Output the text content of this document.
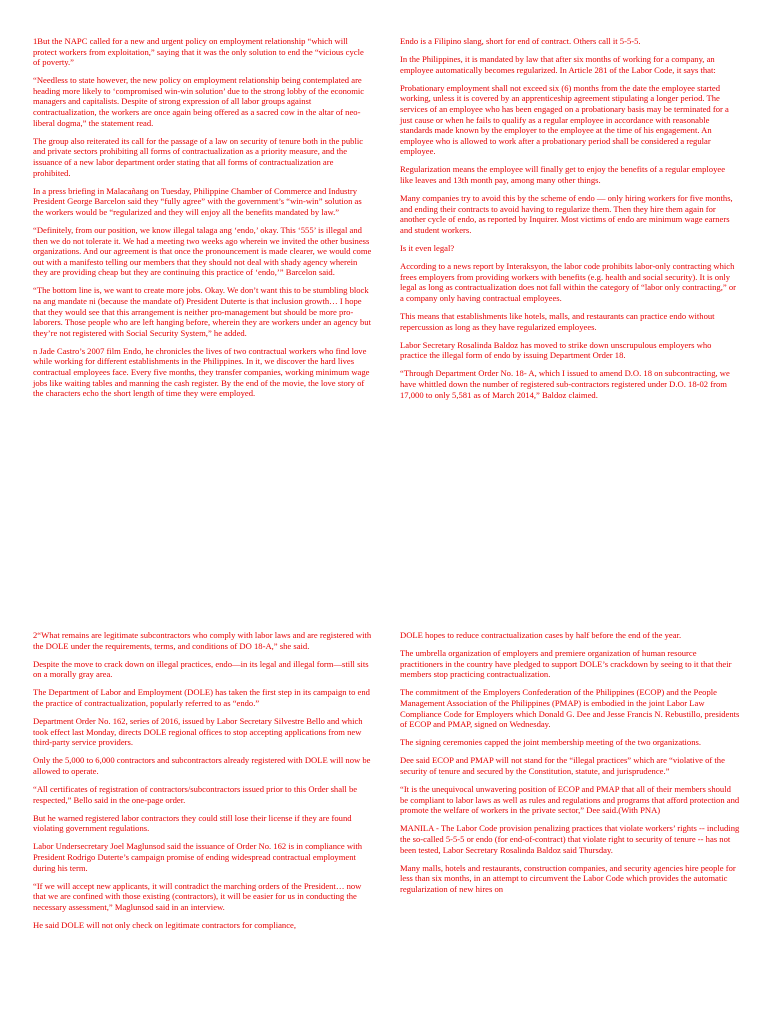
1But the NAPC called for a new and urgent policy on employment relationship “which will protect workers from exploitation,” saying that it was the only solution to end the “vicious cycle of poverty.”

“Needless to state however, the new policy on employment relationship being contemplated are heading more likely to ‘compromised win-win solution’ due to the strong lobby of the economic managers and capitalists. Despite of strong expression of all labor groups against contractualization, the workers are once again being offered as a sacred cow in the altar of neo-liberal dogma,” the statement read.

The group also reiterated its call for the passage of a law on security of tenure both in the public and private sectors prohibiting all forms of contractualization as a priority measure, and the issuance of a new labor department order stating that all forms of contractualization are prohibited.

In a press briefing in Malacañang on Tuesday, Philippine Chamber of Commerce and Industry President George Barcelon said they “fully agree” with the government’s “win-win” solution as the workers would be “regularized and they will enjoy all the benefits mandated by law.”

“Definitely, from our position, we know illegal talaga ang ‘endo,’ okay. This ‘555’ is illegal and then we do not tolerate it. We had a meeting two weeks ago wherein we invited the other business organizations. And our agreement is that once the pronouncement is made clearer, we would come out with a manifesto telling our members that they should not deal with shady agency wherein they are providing cheap but they are continuing this practice of ‘endo,’” Barcelon said.

“The bottom line is, we want to create more jobs. Okay. We don’t want this to be stumbling block na ang mandate ni (because the mandate of) President Duterte is that inclusion growth… I hope that they would see that this arrangement is neither pro-management but should be more pro-laborers. Those people who are left hanging before, wherein they are workers under an agency but they’re not registered with Social Security System,” he added.

n Jade Castro’s 2007 film Endo, he chronicles the lives of two contractual workers who find love while working for different establishments in the Philippines. In it, we discover the hard lives contractual employees face. Every five months, they transfer companies, working minimum wage jobs like waiting tables and manning the cash register. By the end of the movie, the love story of the characters echo the short length of time they were employed.

Endo is a Filipino slang, short for end of contract. Others call it 5-5-5.

In the Philippines, it is mandated by law that after six months of working for a company, an employee automatically becomes regularized. In Article 281 of the Labor Code, it says that:

Probationary employment shall not exceed six (6) months from the date the employee started working, unless it is covered by an apprenticeship agreement stipulating a longer period. The services of an employee who has been engaged on a probationary basis may be terminated for a just cause or when he fails to qualify as a regular employee in accordance with reasonable standards made known by the employer to the employee at the time of his engagement. An employee who is allowed to work after a probationary period shall be considered a regular employee.

Regularization means the employee will finally get to enjoy the benefits of a regular employee like leaves and 13th month pay, among many other things.

Many companies try to avoid this by the scheme of endo — only hiring workers for five months, and ending their contracts to avoid having to regularize them. Then they hire them again for another cycle of endo, as reported by Inquirer. Most victims of endo are minimum wage earners and student workers.

Is it even legal?

According to a news report by Interaksyon, the labor code prohibits labor-only contracting which frees employers from providing workers with benefits (e.g. health and social security). It is only legal as long as contractualization does not fall within the category of “labor only contracting,” or a company only having contractual employees.

This means that establishments like hotels, malls, and restaurants can practice endo without repercussion as long as they have regularized employees.

Labor Secretary Rosalinda Baldoz has moved to strike down unscrupulous employers who practice the illegal form of endo by issuing Department Order 18.

“Through Department Order No. 18- A, which I issued to amend D.O. 18 on subcontracting, we have whittled down the number of registered sub-contractors registered under D.O. 18-02 from 17,000 to only 5,581 as of March 2014,” Baldoz claimed.

2“What remains are legitimate subcontractors who comply with labor laws and are registered with the DOLE under the requirements, terms, and conditions of DO 18-A,” she said.

Despite the move to crack down on illegal practices, endo—in its legal and illegal form—still sits on a morally gray area.

The Department of Labor and Employment (DOLE) has taken the first step in its campaign to end the practice of contractualization, popularly referred to as “endo.”

Department Order No. 162, series of 2016, issued by Labor Secretary Silvestre Bello and which took effect last Monday, directs DOLE regional offices to stop accepting applications from new third-party service providers.

Only the 5,000 to 6,000 contractors and subcontractors already registered with DOLE will now be allowed to operate.

“All certificates of registration of contractors/subcontractors issued prior to this Order shall be respected,” Bello said in the one-page order.

But he warned registered labor contractors they could still lose their license if they are found violating government regulations.

Labor Undersecretary Joel Maglunsod said the issuance of Order No. 162 is in compliance with President Rodrigo Duterte’s campaign promise of ending widespread contractual employment during his term.

“If we will accept new applicants, it will contradict the marching orders of the President… now that we are confined with those existing (contractors), it will be easier for us in conducting the necessary assessment,” Maglunsod said in an interview.

He said DOLE will not only check on legitimate contractors for compliance,

DOLE hopes to reduce contractualization cases by half before the end of the year.

The umbrella organization of employers and premiere organization of human resource practitioners in the country have pledged to support DOLE’s crackdown by seeing to it that their members stop practicing contractualization.

The commitment of the Employers Confederation of the Philippines (ECOP) and the People Management Association of the Philippines (PMAP) is embodied in the joint Labor Law Compliance Code for Employers which Donald G. Dee and Jesse Francis N. Rebustillo, presidents of ECOP and PMAP, signed on Wednesday.

The signing ceremonies capped the joint membership meeting of the two organizations.

Dee said ECOP and PMAP will not stand for the “illegal practices” which are “violative of the security of tenure and secured by the Constitution, statute, and jurisprudence.”

“It is the unequivocal unwavering position of ECOP and PMAP that all of their members should be compliant to labor laws as well as rules and regulations and programs that afford protection and promote the welfare of workers in the private sector,” Dee said.(With PNA)

MANILA - The Labor Code provision penalizing practices that violate workers’ rights -- including the so-called 5-5-5 or endo (for end-of-contract) that violate right to security of tenure -- has not been tested, Labor Secretary Rosalinda Baldoz said Thursday.

Many malls, hotels and restaurants, construction companies, and security agencies hire people for less than six months, in an attempt to circumvent the Labor Code which provides the automatic regularization of new hires on
